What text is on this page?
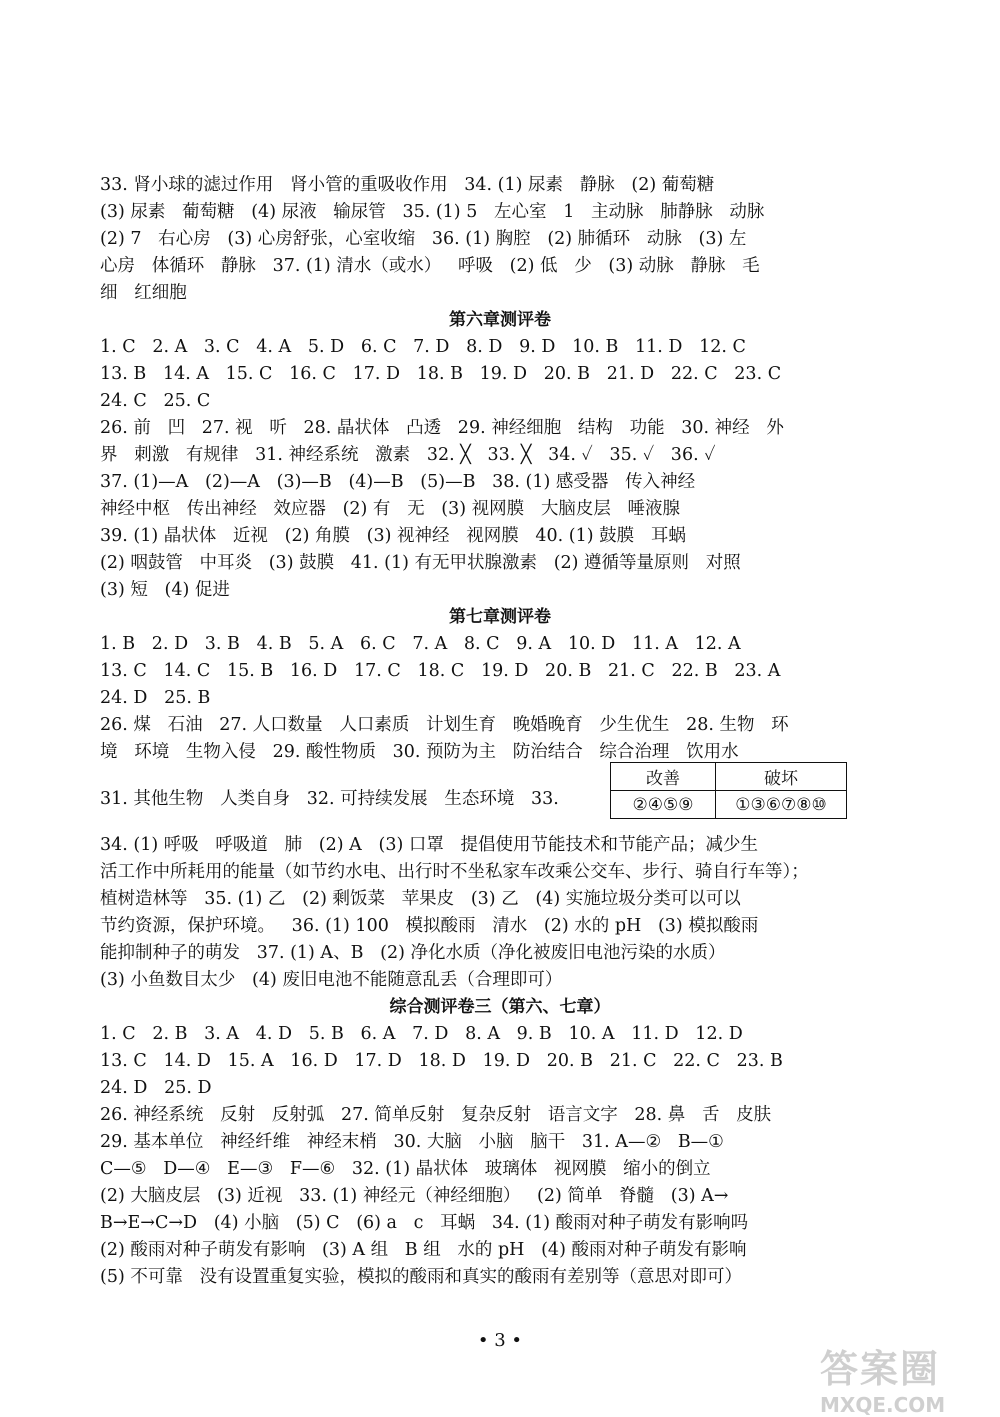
33. 肾小球的滤过作用   肾小管的重吸收作用   34. (1) 尿素   静脉   (2) 葡萄糖
(3) 尿素   葡萄糖   (4) 尿液   输尿管   35. (1) 5   左心室   1   主动脉   肺静脉   动脉
(2) 7   右心房   (3) 心房舒张，心室收缩   36. (1) 胸腔   (2) 肺循环   动脉   (3) 左
心房   体循环   静脉   37. (1) 清水（或水）   呼吸   (2) 低   少   (3) 动脉   静脉   毛
细   红细胞
第六章测评卷
1. C   2. A   3. C   4. A   5. D   6. C   7. D   8. D   9. D   10. B   11. D   12. C
13. B   14. A   15. C   16. C   17. D   18. B   19. D   20. B   21. D   22. C   23. C
24. C   25. C
26. 前   凹   27. 视   听   28. 晶状体   凸透   29. 神经细胞   结构   功能   30. 神经   外
界   刺激   有规律   31. 神经系统   激素   32. ╳   33. ╳   34. ✓   35. ✓   36. ✓
37. (1)—A   (2)—A   (3)—B   (4)—B   (5)—B   38. (1) 感受器   传入神经
神经中枢   传出神经   效应器   (2) 有   无   (3) 视网膜   大脑皮层   唾液腺
39. (1) 晶状体   近视   (2) 角膜   (3) 视神经   视网膜   40. (1) 鼓膜   耳蜗
(2) 咽鼓管   中耳炎   (3) 鼓膜   41. (1) 有无甲状腺激素   (2) 遵循等量原则   对照
(3) 短   (4) 促进
第七章测评卷
1. B   2. D   3. B   4. B   5. A   6. C   7. A   8. C   9. A   10. D   11. A   12. A
13. C   14. C   15. B   16. D   17. C   18. C   19. D   20. B   21. C   22. B   23. A
24. D   25. B
26. 煤   石油   27. 人口数量   人口素质   计划生育   晚婚晚育   少生优生   28. 生物   环
境   环境   生物入侵   29. 酸性物质   30. 预防为主   防治结合   综合治理   饮用水
31. 其他生物   人类自身   32. 可持续发展   生态环境   33.
改善	破坏
②④⑤⑨	①③⑥⑦⑧⑩
34. (1) 呼吸   呼吸道   肺   (2) A   (3) 口罩   提倡使用节能技术和节能产品；减少生
活工作中所耗用的能量（如节约水电、出行时不坐私家车改乘公交车、步行、骑自行车等）；
植树造林等   35. (1) 乙   (2) 剩饭菜   苹果皮   (3) 乙   (4) 实施垃圾分类可以可以
节约资源，保护环境。   36. (1) 100   模拟酸雨   清水   (2) 水的 pH   (3) 模拟酸雨
能抑制种子的萌发   37. (1) A、B   (2) 净化水质（净化被废旧电池污染的水质）
(3) 小鱼数目太少   (4) 废旧电池不能随意乱丢（合理即可）
综合测评卷三（第六、七章）
1. C   2. B   3. A   4. D   5. B   6. A   7. D   8. A   9. B   10. A   11. D   12. D
13. C   14. D   15. A   16. D   17. D   18. D   19. D   20. B   21. C   22. C   23. B
24. D   25. D
26. 神经系统   反射   反射弧   27. 简单反射   复杂反射   语言文字   28. 鼻   舌   皮肤
29. 基本单位   神经纤维   神经末梢   30. 大脑   小脑   脑干   31. A—②   B—①
C—⑤   D—④   E—③   F—⑥   32. (1) 晶状体   玻璃体   视网膜   缩小的倒立
(2) 大脑皮层   (3) 近视   33. (1) 神经元（神经细胞）   (2) 简单   脊髓   (3) A→
B→E→C→D   (4) 小脑   (5) C   (6) a   c   耳蜗   34. (1) 酸雨对种子萌发有影响吗
(2) 酸雨对种子萌发有影响   (3) A 组   B 组   水的 pH   (4) 酸雨对种子萌发有影响
(5) 不可靠   没有设置重复实验，模拟的酸雨和真实的酸雨有差别等（意思对即可）
• 3 •
答案圈
MXQE.COM
